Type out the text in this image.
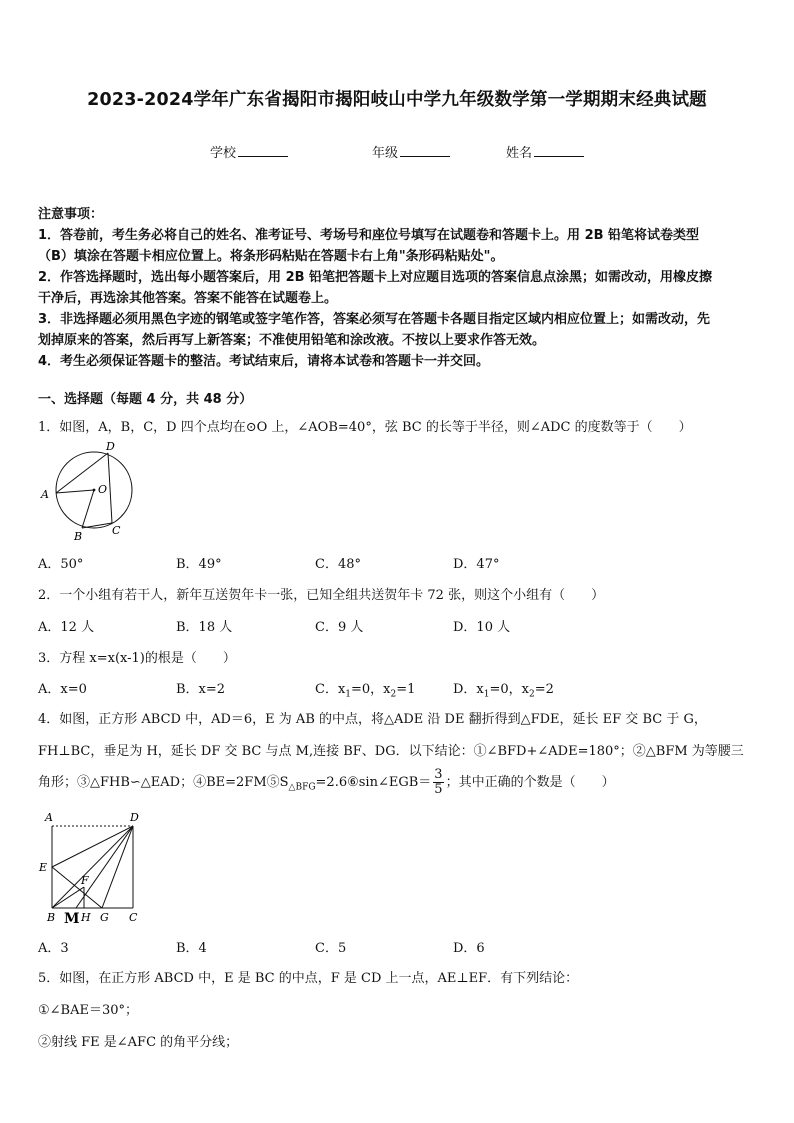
2023-2024学年广东省揭阳市揭阳岐山中学九年级数学第一学期期末经典试题
学校	年级	姓名
注意事项：
1．答卷前，考生务必将自己的姓名、准考证号、考场号和座位号填写在试题卷和答题卡上。用 2B 铅笔将试卷类型
（B）填涂在答题卡相应位置上。将条形码粘贴在答题卡右上角"条形码粘贴处"。
2．作答选择题时，选出每小题答案后，用 2B 铅笔把答题卡上对应题目选项的答案信息点涂黑；如需改动，用橡皮擦
干净后，再选涂其他答案。答案不能答在试题卷上。
3．非选择题必须用黑色字迹的钢笔或签字笔作答，答案必须写在答题卡各题目指定区域内相应位置上；如需改动，先
划掉原来的答案，然后再写上新答案；不准使用铅笔和涂改液。不按以上要求作答无效。
4．考生必须保证答题卡的整洁。考试结束后，请将本试卷和答题卡一并交回。
一、选择题（每题 4 分，共 48 分）
1．如图，A，B，C，D 四个点均在⊙O 上，∠AOB=40°，弦 BC 的长等于半径，则∠ADC 的度数等于（　　）
D
O
A
B	C
A．50°	B．49°	C．48°	D．47°
2．一个小组有若干人，新年互送贺年卡一张，已知全组共送贺年卡 72 张，则这个小组有（　　）
A．12 人	B．18 人	C．9 人	D．10 人
3．方程 x=x(x-1)的根是（　　）
A．x=0	B．x=2	C．$x_1=0$，$x_2=1$	D．$x_1=0$，$x_2=2$
4．如图，正方形 ABCD 中，AD＝6，E 为 AB 的中点，将△ADE 沿 DE 翻折得到△FDE，延长 EF 交 BC 于 G，
FH⊥BC，垂足为 H，延长 DF 交 BC 与点 M,连接 BF、DG．以下结论：①∠BFD+∠ADE=180°；②△BFM 为等腰三
角形；③△FHB∽△EAD；$④BE=2FM⑤S_{\triangle BFG}=2.6⑥\sin\angle EGB= \frac{3}{5}$ ；其中正确的个数是（　　）
A	D
E
F
B M H G C
A．3	B．4	C．5	D．6
5．如图，在正方形 ABCD 中，E 是 BC 的中点，F 是 CD 上一点，AE⊥EF．有下列结论：
①∠BAE＝30°；
②射线 FE 是∠AFC 的角平分线；
